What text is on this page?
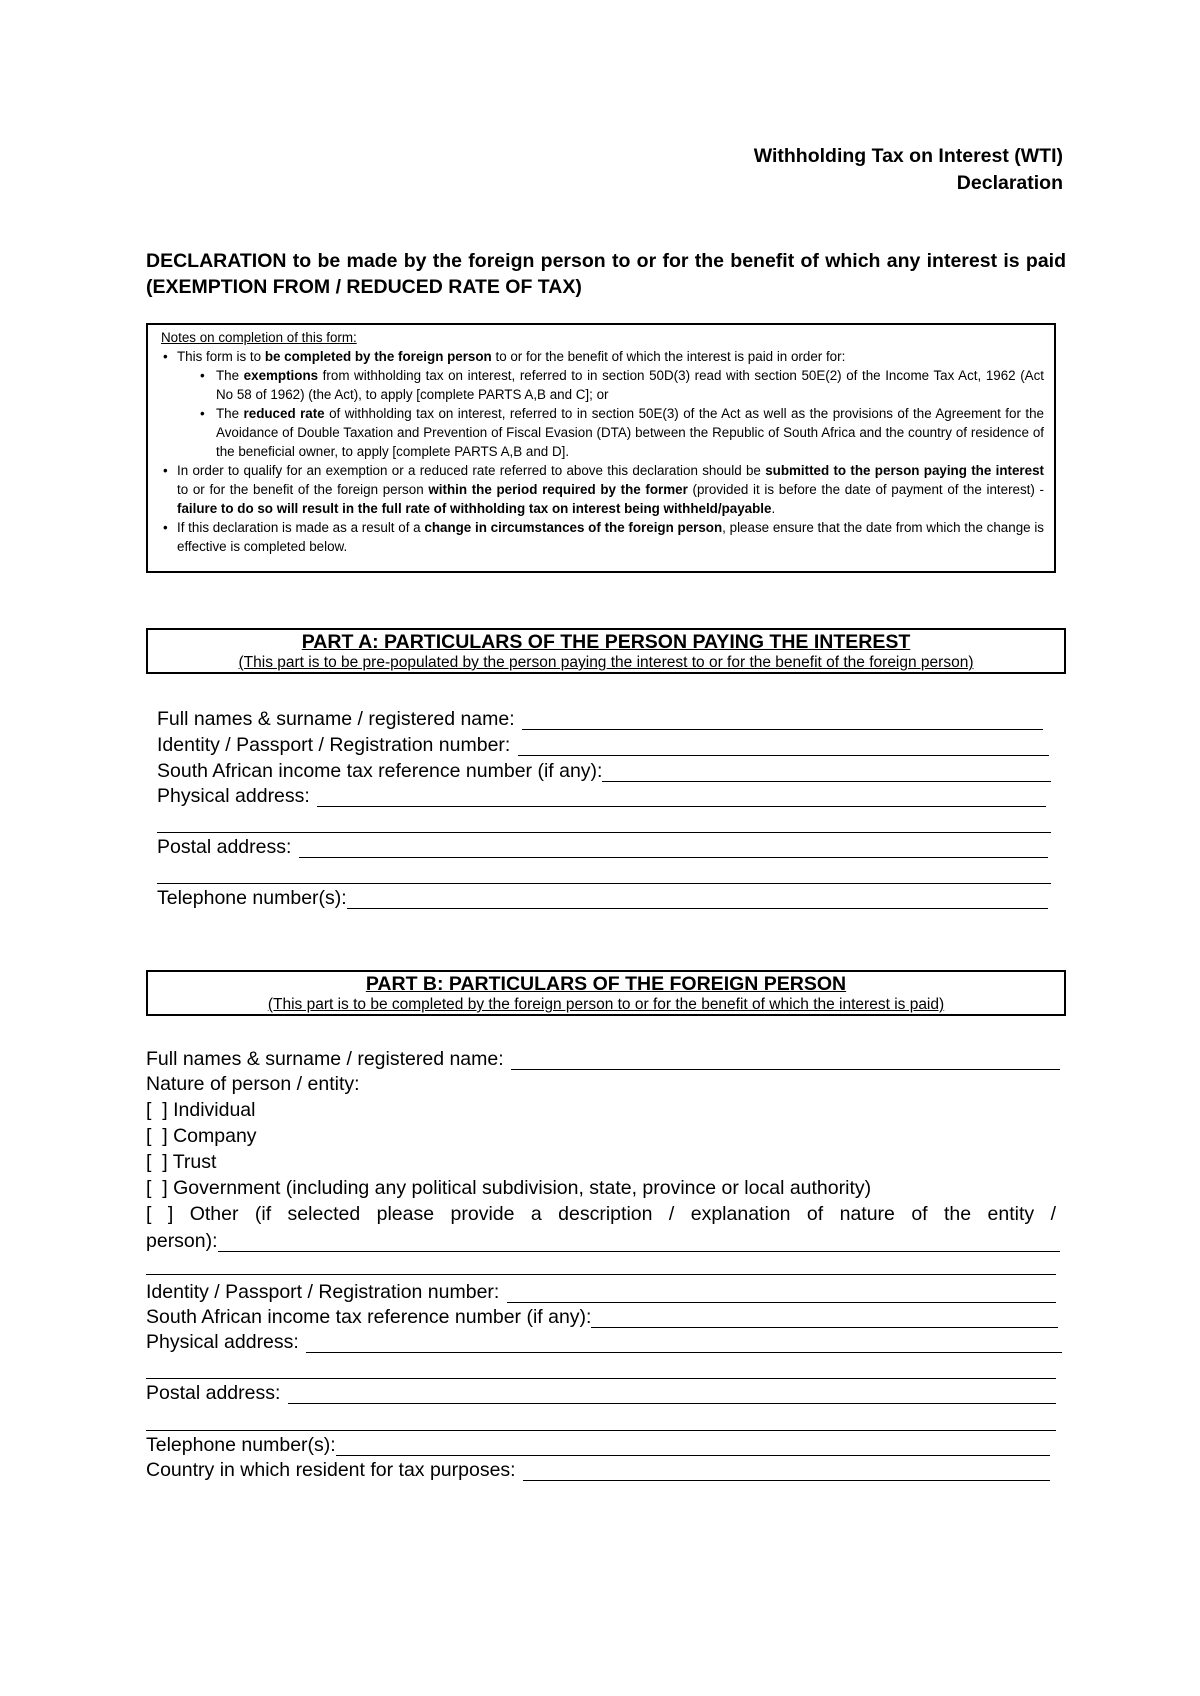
Withholding Tax on Interest (WTI)
Declaration
DECLARATION to be made by the foreign person to or for the benefit of which any interest is paid (EXEMPTION FROM / REDUCED RATE OF TAX)
Notes on completion of this form:
• This form is to be completed by the foreign person to or for the benefit of which the interest is paid in order for:
• The exemptions from withholding tax on interest, referred to in section 50D(3) read with section 50E(2) of the Income Tax Act, 1962 (Act No 58 of 1962) (the Act), to apply [complete PARTS A,B and C]; or
• The reduced rate of withholding tax on interest, referred to in section 50E(3) of the Act as well as the provisions of the Agreement for the Avoidance of Double Taxation and Prevention of Fiscal Evasion (DTA) between the Republic of South Africa and the country of residence of the beneficial owner, to apply [complete PARTS A,B and D].
• In order to qualify for an exemption or a reduced rate referred to above this declaration should be submitted to the person paying the interest to or for the benefit of the foreign person within the period required by the former (provided it is before the date of payment of the interest) - failure to do so will result in the full rate of withholding tax on interest being withheld/payable.
• If this declaration is made as a result of a change in circumstances of the foreign person, please ensure that the date from which the change is effective is completed below.
PART A: PARTICULARS OF THE PERSON PAYING THE INTEREST
(This part is to be pre-populated by the person paying the interest to or for the benefit of the foreign person)
Full names & surname / registered name:
Identity / Passport / Registration number:
South African income tax reference number (if any):
Physical address:
Postal address:
Telephone number(s):
PART B: PARTICULARS OF THE FOREIGN PERSON
(This part is to be completed by the foreign person to or for the benefit of which the interest is paid)
Full names & surname / registered name:
Nature of person / entity:
[  ] Individual
[  ] Company
[  ] Trust
[  ] Government (including any political subdivision, state, province or local authority)
[ ] Other (if selected please provide a description / explanation of nature of the entity /
person):
Identity / Passport / Registration number:
South African income tax reference number (if any):
Physical address:
Postal address:
Telephone number(s):
Country in which resident for tax purposes:
